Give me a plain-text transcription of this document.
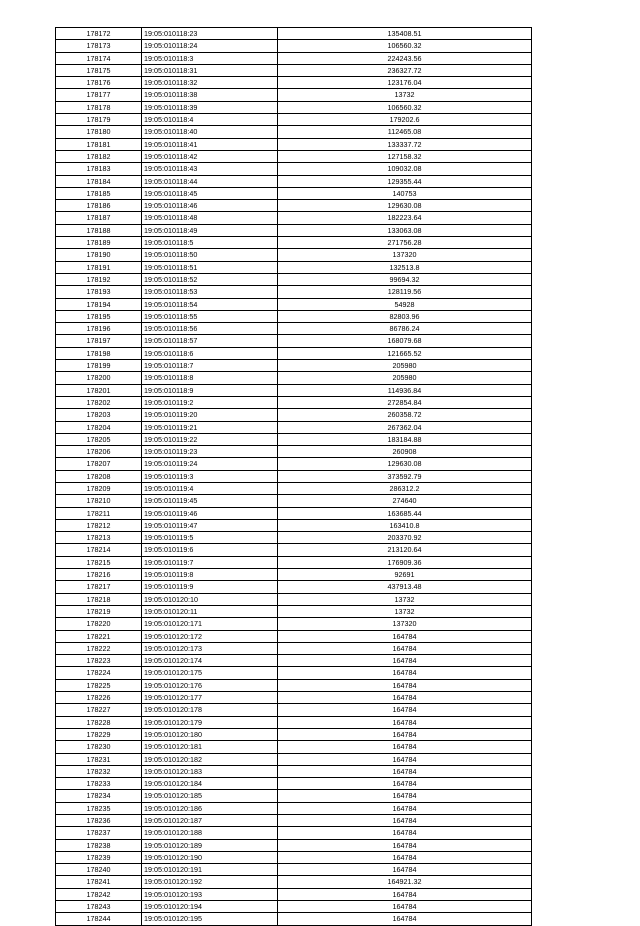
178172	19:05:010118:23	135408.51
178173	19:05:010118:24	106560.32
178174	19:05:010118:3	224243.56
178175	19:05:010118:31	236327.72
178176	19:05:010118:32	123176.04
178177	19:05:010118:38	13732
178178	19:05:010118:39	106560.32
178179	19:05:010118:4	179202.6
178180	19:05:010118:40	112465.08
178181	19:05:010118:41	133337.72
178182	19:05:010118:42	127158.32
178183	19:05:010118:43	109032.08
178184	19:05:010118:44	129355.44
178185	19:05:010118:45	140753
178186	19:05:010118:46	129630.08
178187	19:05:010118:48	182223.64
178188	19:05:010118:49	133063.08
178189	19:05:010118:5	271756.28
178190	19:05:010118:50	137320
178191	19:05:010118:51	132513.8
178192	19:05:010118:52	99694.32
178193	19:05:010118:53	128119.56
178194	19:05:010118:54	54928
178195	19:05:010118:55	82803.96
178196	19:05:010118:56	86786.24
178197	19:05:010118:57	168079.68
178198	19:05:010118:6	121665.52
178199	19:05:010118:7	205980
178200	19:05:010118:8	205980
178201	19:05:010118:9	114936.84
178202	19:05:010119:2	272854.84
178203	19:05:010119:20	260358.72
178204	19:05:010119:21	267362.04
178205	19:05:010119:22	183184.88
178206	19:05:010119:23	260908
178207	19:05:010119:24	129630.08
178208	19:05:010119:3	373592.79
178209	19:05:010119:4	286312.2
178210	19:05:010119:45	274640
178211	19:05:010119:46	163685.44
178212	19:05:010119:47	163410.8
178213	19:05:010119:5	203370.92
178214	19:05:010119:6	213120.64
178215	19:05:010119:7	176909.36
178216	19:05:010119:8	92691
178217	19:05:010119:9	437913.48
178218	19:05:010120:10	13732
178219	19:05:010120:11	13732
178220	19:05:010120:171	137320
178221	19:05:010120:172	164784
178222	19:05:010120:173	164784
178223	19:05:010120:174	164784
178224	19:05:010120:175	164784
178225	19:05:010120:176	164784
178226	19:05:010120:177	164784
178227	19:05:010120:178	164784
178228	19:05:010120:179	164784
178229	19:05:010120:180	164784
178230	19:05:010120:181	164784
178231	19:05:010120:182	164784
178232	19:05:010120:183	164784
178233	19:05:010120:184	164784
178234	19:05:010120:185	164784
178235	19:05:010120:186	164784
178236	19:05:010120:187	164784
178237	19:05:010120:188	164784
178238	19:05:010120:189	164784
178239	19:05:010120:190	164784
178240	19:05:010120:191	164784
178241	19:05:010120:192	164921.32
178242	19:05:010120:193	164784
178243	19:05:010120:194	164784
178244	19:05:010120:195	164784
